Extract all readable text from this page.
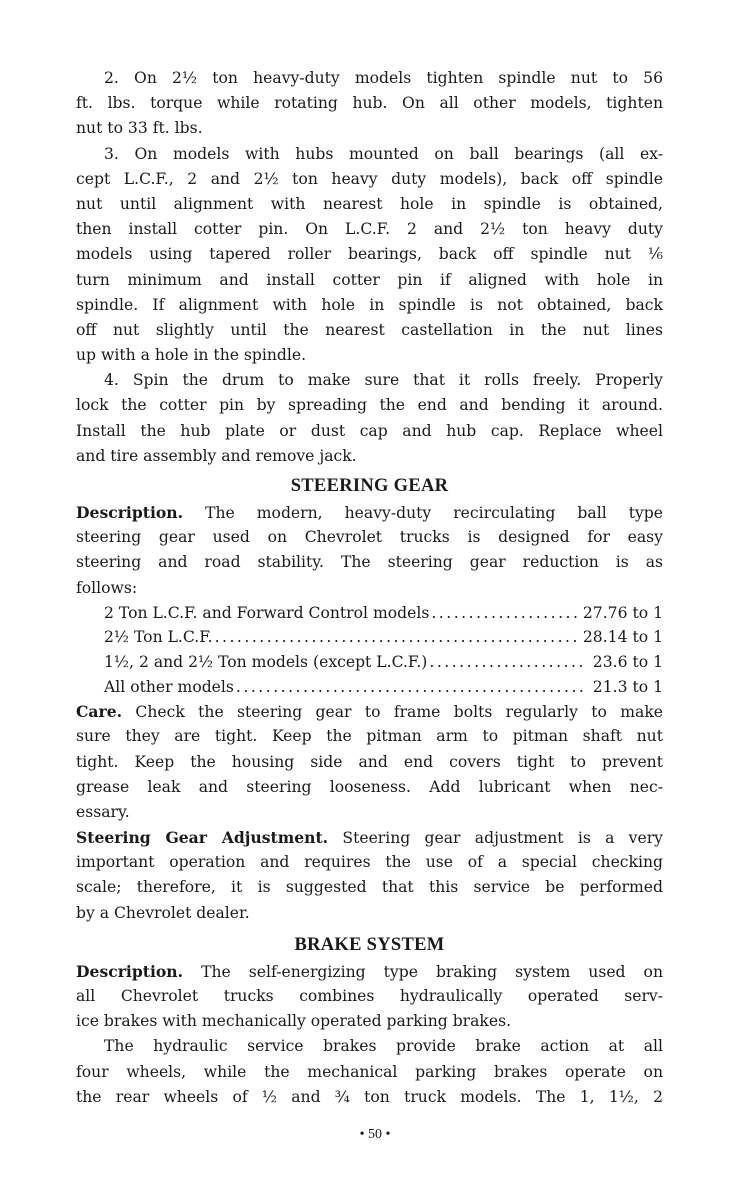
2. On 2½ ton heavy-duty models tighten spindle nut to 56
ft. lbs. torque while rotating hub. On all other models, tighten
nut to 33 ft. lbs.
3. On models with hubs mounted on ball bearings (all ex-
cept L.C.F., 2 and 2½ ton heavy duty models), back off spindle
nut until alignment with nearest hole in spindle is obtained,
then install cotter pin. On L.C.F. 2 and 2½ ton heavy duty
models using tapered roller bearings, back off spindle nut ⅙
turn minimum and install cotter pin if aligned with hole in
spindle. If alignment with hole in spindle is not obtained, back
off nut slightly until the nearest castellation in the nut lines
up with a hole in the spindle.
4. Spin the drum to make sure that it rolls freely. Properly
lock the cotter pin by spreading the end and bending it around.
Install the hub plate or dust cap and hub cap. Replace wheel
and tire assembly and remove jack.
STEERING GEAR
Description. The modern, heavy-duty recirculating ball type
steering gear used on Chevrolet trucks is designed for easy
steering and road stability. The steering gear reduction is as
follows:
2 Ton L.C.F. and Forward Control models .....	27.76 to 1
2½ Ton L.C.F. .....	28.14 to 1
1½, 2 and 2½ Ton models (except L.C.F.) .....	23.6 to 1
All other models .....	21.3 to 1
Care. Check the steering gear to frame bolts regularly to make
sure they are tight. Keep the pitman arm to pitman shaft nut
tight. Keep the housing side and end covers tight to prevent
grease leak and steering looseness. Add lubricant when nec-
essary.
Steering Gear Adjustment. Steering gear adjustment is a very
important operation and requires the use of a special checking
scale; therefore, it is suggested that this service be performed
by a Chevrolet dealer.
BRAKE SYSTEM
Description. The self-energizing type braking system used on
all Chevrolet trucks combines hydraulically operated serv-
ice brakes with mechanically operated parking brakes.
The hydraulic service brakes provide brake action at all
four wheels, while the mechanical parking brakes operate on
the rear wheels of ½ and ¾ ton truck models. The 1, 1½, 2
• 50 •
